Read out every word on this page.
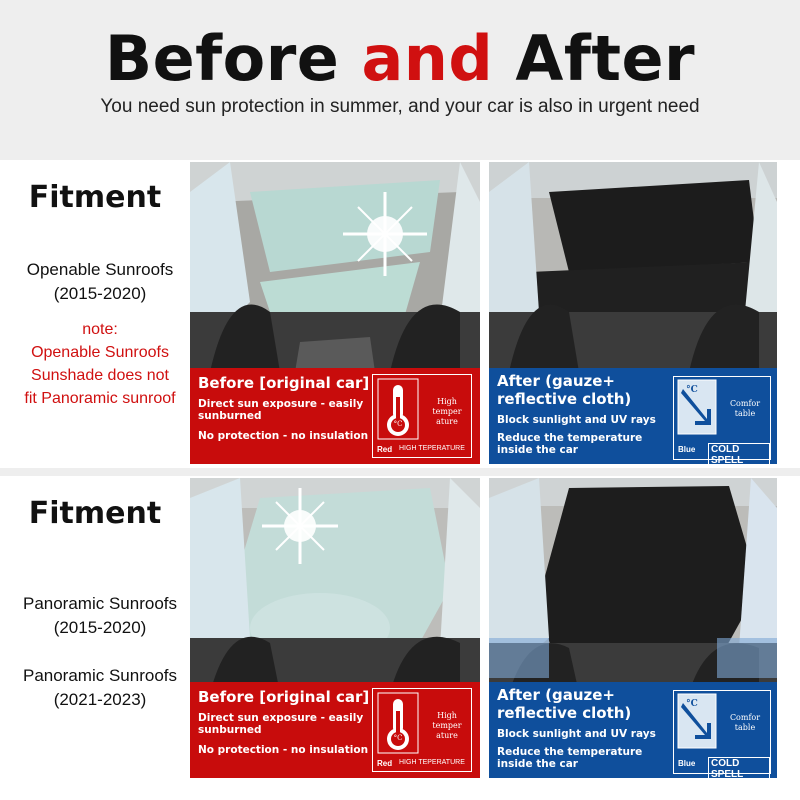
Before and After
You need sun protection in summer, and your car is also in urgent need
Fitment
Openable Sunroofs
(2015-2020)
note:
Openable Sunroofs
Sunshade does not
fit Panoramic sunroof
Before [original car]
Direct sun exposure - easily
sunburned
No protection - no insulation
°C
High
temper
ature
Red HIGH TEPERATURE
After (gauze+
reflective cloth)
Block sunlight and UV rays
Reduce the temperature
inside the car
°C
Comfor
table
Blue	COLD SPELL
Fitment
Panoramic Sunroofs
(2015-2020)
Panoramic Sunroofs
(2021-2023)	Before [original car]
Direct sun exposure - easily
sunburned
No protection - no insulation
°C
High
temper
ature
Red HIGH TEPERATURE
After (gauze+
reflective cloth)
Block sunlight and UV rays
Reduce the temperature
inside the car
°C
Comfor
table
Blue	COLD SPELL
